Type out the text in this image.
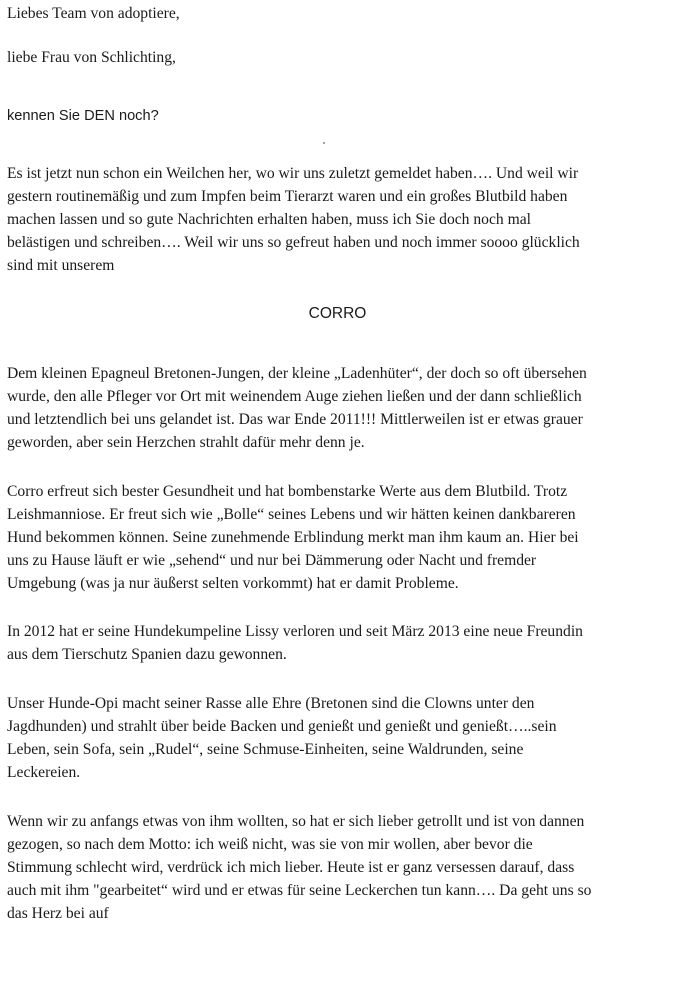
Liebes Team von adoptiere,

liebe Frau von Schlichting,

kennen Sie DEN noch?

Es ist jetzt nun schon ein Weilchen her, wo wir uns zuletzt gemeldet haben…. Und weil wir

gestern routinemäßig und zum Impfen beim Tierarzt waren und ein großes Blutbild haben

machen lassen und so gute Nachrichten erhalten haben, muss ich Sie doch noch mal

belästigen und schreiben…. Weil wir uns so gefreut haben und noch immer soooo glücklich

sind mit unserem

CORRO

Dem kleinen Epagneul Bretonen-Jungen, der kleine „Ladenhüter“, der doch so oft übersehen

wurde, den alle Pfleger vor Ort mit weinendem Auge ziehen ließen und der dann schließlich

und letztendlich bei uns gelandet ist. Das war Ende 2011!!! Mittlerweilen ist er etwas grauer

geworden, aber sein Herzchen strahlt dafür mehr denn je.

Corro erfreut sich bester Gesundheit und hat bombenstarke Werte aus dem Blutbild. Trotz

Leishmanniose. Er freut sich wie „Bolle“ seines Lebens und wir hätten keinen dankbareren

Hund bekommen können. Seine zunehmende Erblindung merkt man ihm kaum an. Hier bei

uns zu Hause läuft er wie „sehend“ und nur bei Dämmerung oder Nacht und fremder

Umgebung (was ja nur äußerst selten vorkommt) hat er damit Probleme.

In 2012 hat er seine Hundekumpeline Lissy verloren und seit März 2013 eine neue Freundin

aus dem Tierschutz Spanien dazu gewonnen.

Unser Hunde-Opi macht seiner Rasse alle Ehre (Bretonen sind die Clowns unter den

Jagdhunden) und strahlt über beide Backen und genießt und genießt und genießt…..sein

Leben, sein Sofa, sein „Rudel“, seine Schmuse-Einheiten, seine Waldrunden, seine

Leckereien.

Wenn wir zu anfangs etwas von ihm wollten, so hat er sich lieber getrollt und ist von dannen

gezogen, so nach dem Motto: ich weiß nicht, was sie von mir wollen, aber bevor die

Stimmung schlecht wird, verdrück ich mich lieber. Heute ist er ganz versessen darauf, dass

auch mit ihm "gearbeitet“ wird und er etwas für seine Leckerchen tun kann…. Da geht uns so

das Herz bei auf
